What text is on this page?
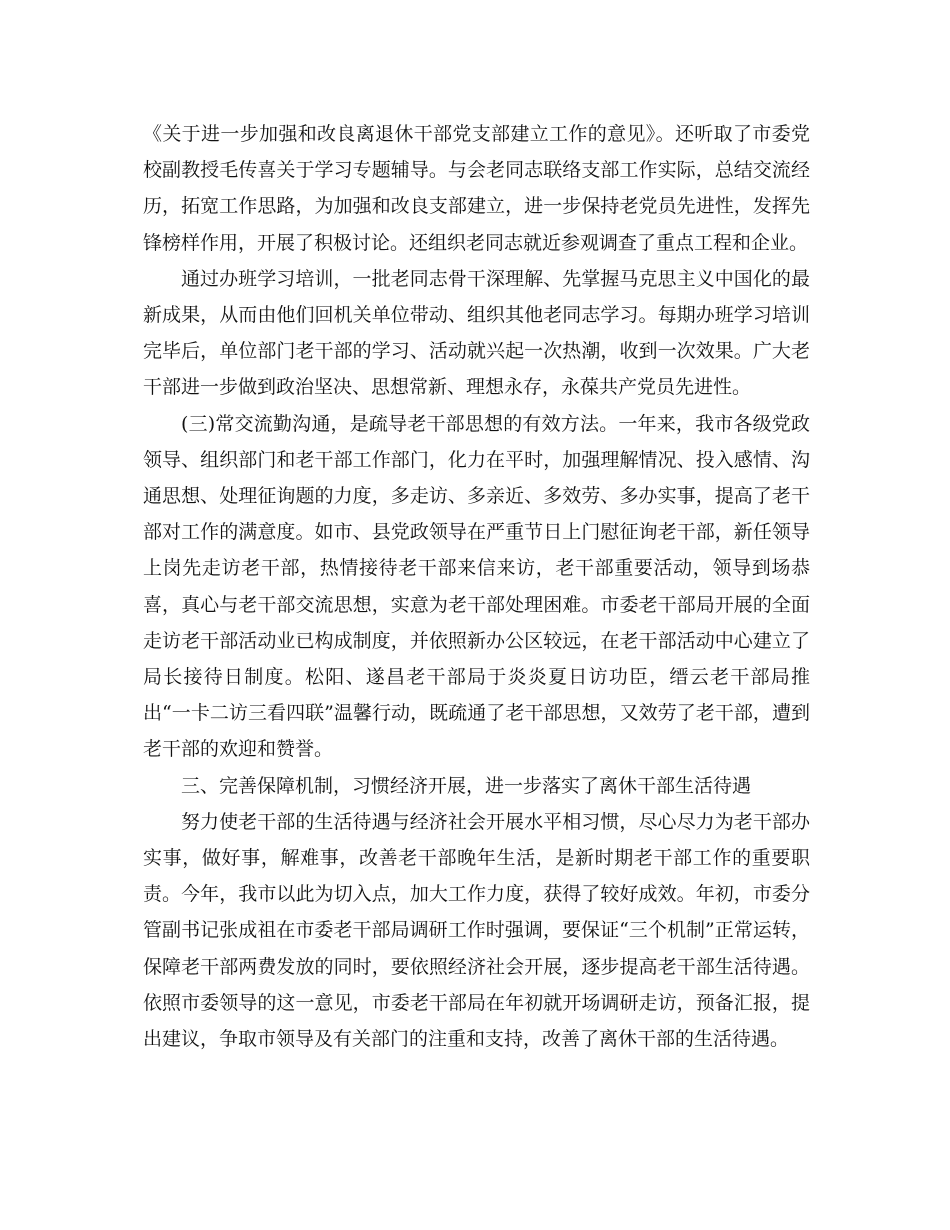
《关于进一步加强和改良离退休干部党支部建立工作的意见》。还听取了市委党校副教授毛传喜关于学习专题辅导。与会老同志联络支部工作实际，总结交流经历，拓宽工作思路，为加强和改良支部建立，进一步保持老党员先进性，发挥先锋榜样作用，开展了积极讨论。还组织老同志就近参观调查了重点工程和企业。

通过办班学习培训，一批老同志骨干深理解、先掌握马克思主义中国化的最新成果，从而由他们回机关单位带动、组织其他老同志学习。每期办班学习培训完毕后，单位部门老干部的学习、活动就兴起一次热潮，收到一次效果。广大老干部进一步做到政治坚决、思想常新、理想永存，永葆共产党员先进性。

(三)常交流勤沟通，是疏导老干部思想的有效方法。一年来，我市各级党政领导、组织部门和老干部工作部门，化力在平时，加强理解情况、投入感情、沟通思想、处理征询题的力度，多走访、多亲近、多效劳、多办实事，提高了老干部对工作的满意度。如市、县党政领导在严重节日上门慰征询老干部，新任领导上岗先走访老干部，热情接待老干部来信来访，老干部重要活动，领导到场恭喜，真心与老干部交流思想，实意为老干部处理困难。市委老干部局开展的全面走访老干部活动业已构成制度，并依照新办公区较远，在老干部活动中心建立了局长接待日制度。松阳、遂昌老干部局于炎炎夏日访功臣，缙云老干部局推出“一卡二访三看四联”温馨行动，既疏通了老干部思想，又效劳了老干部，遭到老干部的欢迎和赞誉。

三、完善保障机制，习惯经济开展，进一步落实了离休干部生活待遇

努力使老干部的生活待遇与经济社会开展水平相习惯，尽心尽力为老干部办实事，做好事，解难事，改善老干部晚年生活，是新时期老干部工作的重要职责。今年，我市以此为切入点，加大工作力度，获得了较好成效。年初，市委分管副书记张成祖在市委老干部局调研工作时强调，要保证“三个机制”正常运转，保障老干部两费发放的同时，要依照经济社会开展，逐步提高老干部生活待遇。依照市委领导的这一意见，市委老干部局在年初就开场调研走访，预备汇报，提出建议，争取市领导及有关部门的注重和支持，改善了离休干部的生活待遇。
